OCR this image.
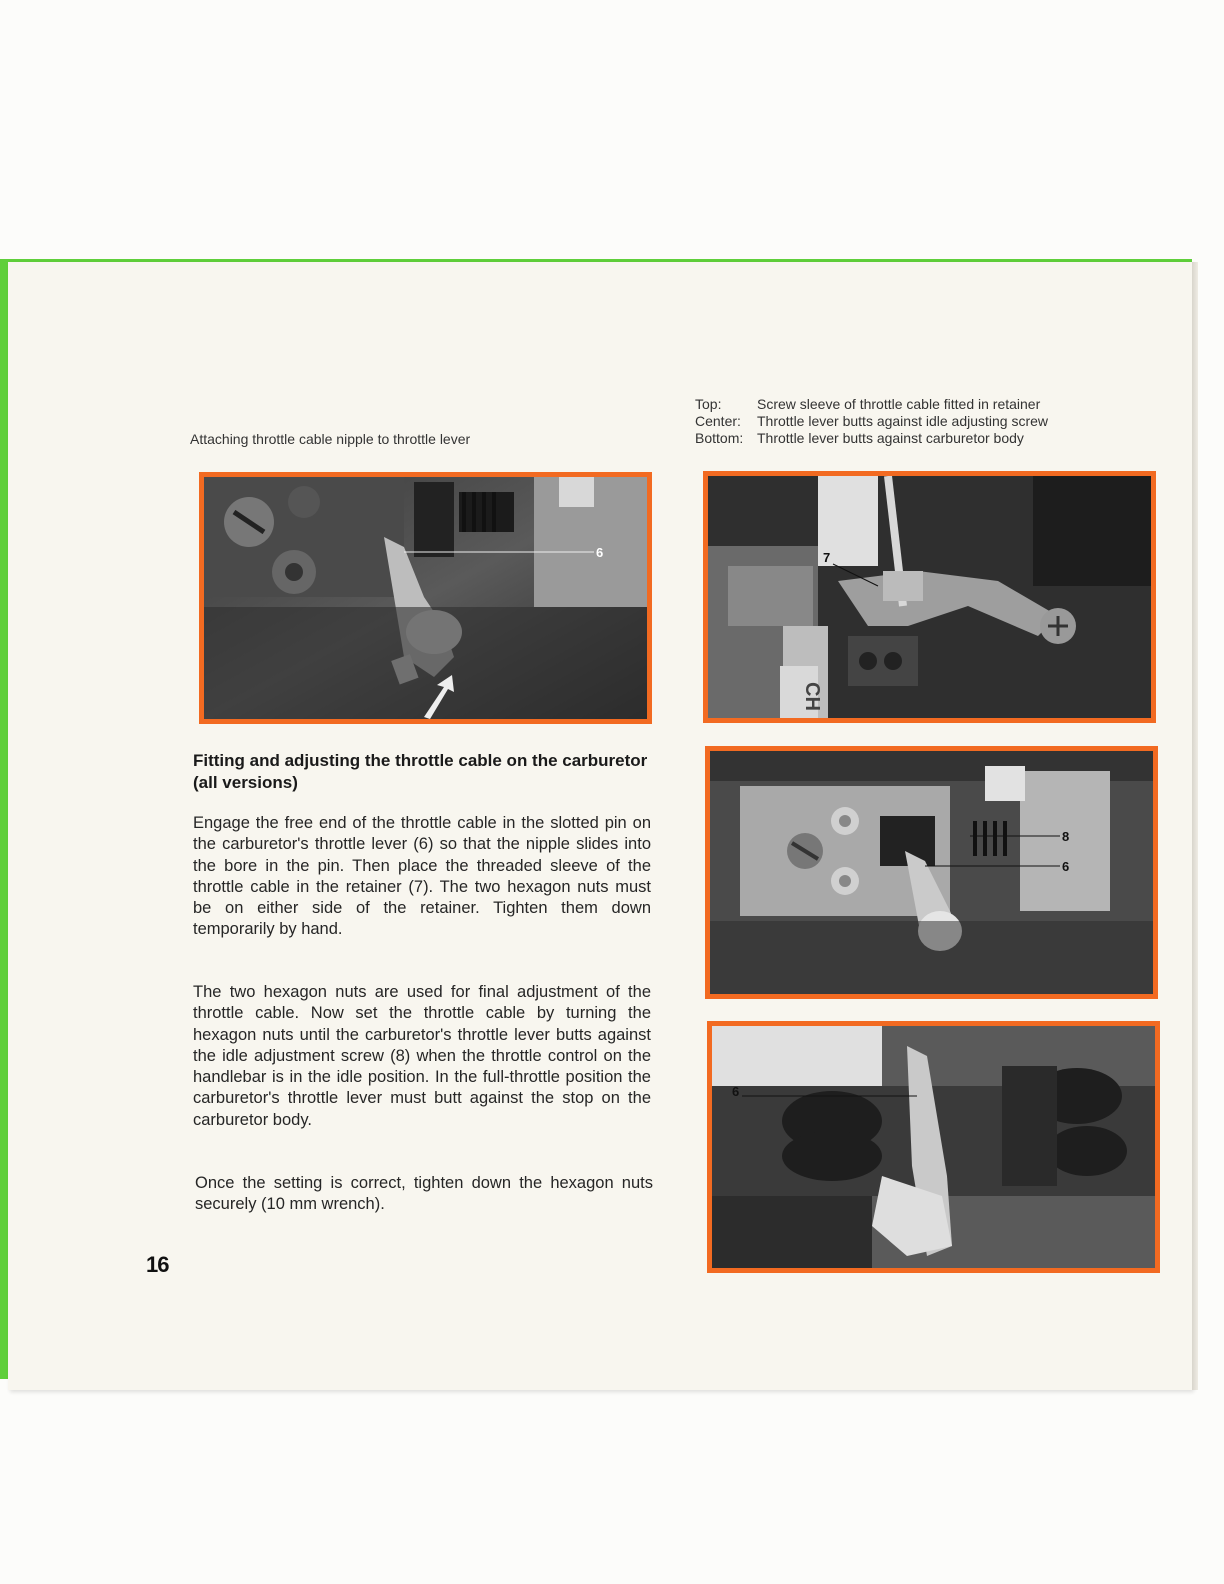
Attaching throttle cable nipple to throttle lever
Top:	Screw sleeve of throttle cable fitted in retainer
Center:	Throttle lever butts against idle adjusting screw
Bottom: Throttle lever butts against carburetor body
6
CH
7
8
6
6
Fitting and adjusting the throttle cable on the carburetor (all versions)
Engage the free end of the throttle cable in the slotted pin on the carburetor's throttle lever (6) so that the nipple slides into the bore in the pin. Then place the threaded sleeve of the throttle cable in the retainer (7). The two hexagon nuts must be on either side of the retainer. Tighten them down temporarily by hand.
The two hexagon nuts are used for final adjustment of the throttle cable. Now set the throttle cable by turning the hexagon nuts until the carburetor's throttle lever butts against the idle adjustment screw (8) when the throttle control on the handlebar is in the idle position. In the full-throttle position the carburetor's throttle lever must butt against the stop on the carburetor body.
Once the setting is correct, tighten down the hexagon nuts securely (10 mm wrench).
16
